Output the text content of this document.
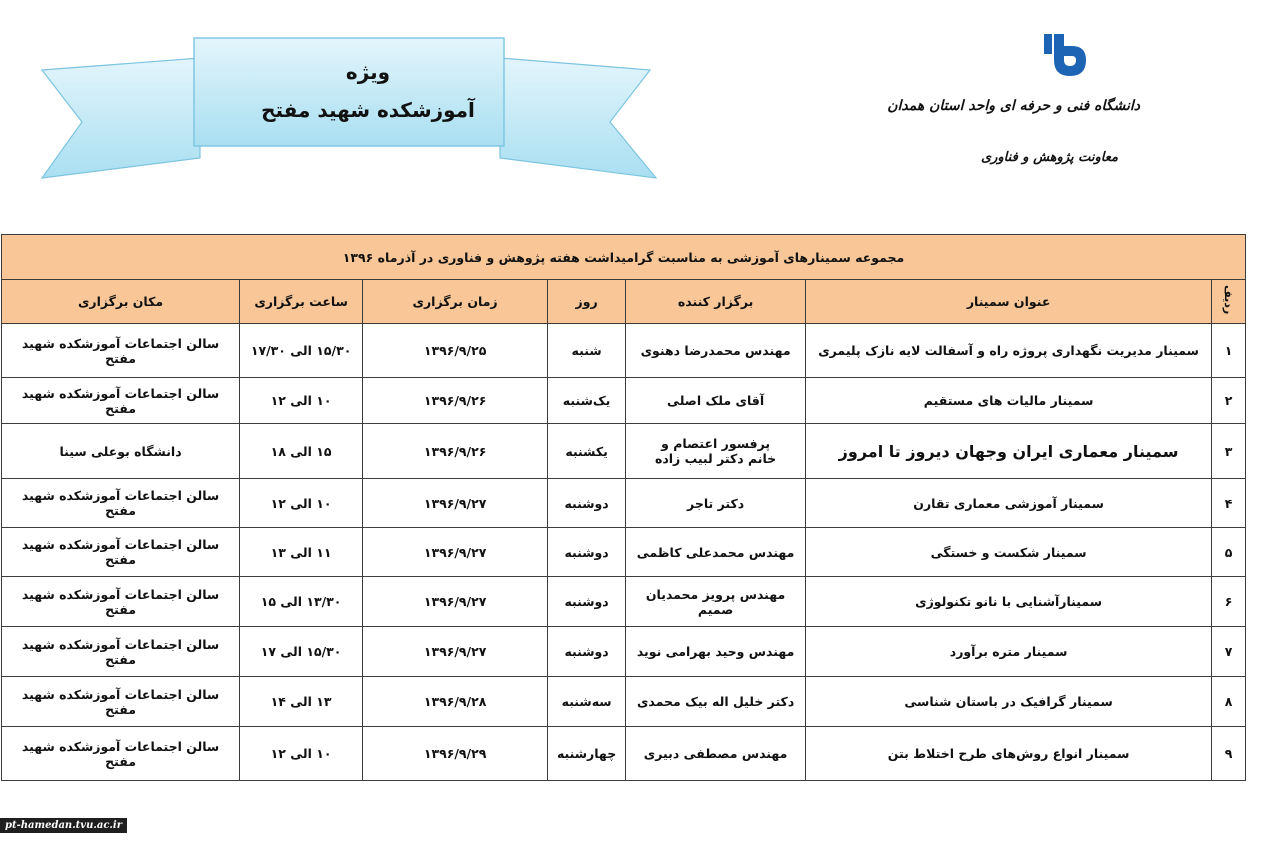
ویژه
آموزشکده شهید مفتح	دانشگاه فنی و حرفه ای واحد استان همدان
معاونت پژوهش و فناوری
مجموعه سمینارهای آموزشی به مناسبت گرامیداشت هفته پژوهش و فناوری در آذرماه ۱۳۹۶						
ردیف	عنوان سمینار	برگزار کننده	روز	زمان برگزاری	ساعت برگزاری	مکان برگزاری
۱	سمینار مدیریت نگهداری پروژه راه و آسفالت لایه نازک پلیمری	مهندس محمدرضا دهنوی	شنبه	۱۳۹۶/۹/۲۵	۱۵/۳۰ الی ۱۷/۳۰	سالن اجتماعات آموزشکده شهید مفتح
۲	سمینار مالیات های مستقیم	آقای ملک اصلی	یک‌شنبه	۱۳۹۶/۹/۲۶	۱۰ الی ۱۲	سالن اجتماعات آموزشکده شهید مفتح
۳	سمینار معماری ایران وجهان دیروز تا امروز	پرفسور اعتصام و
خانم دکتر لبیب زاده	یکشنبه	۱۳۹۶/۹/۲۶	۱۵ الی ۱۸	دانشگاه بوعلی سینا
۴	سمینار آموزشی معماری تقارن	دکتر تاجر	دوشنبه	۱۳۹۶/۹/۲۷	۱۰ الی ۱۲	سالن اجتماعات آموزشکده شهید مفتح
۵	سمینار شکست و خستگی	مهندس محمدعلی کاظمی	دوشنبه	۱۳۹۶/۹/۲۷	۱۱ الی ۱۳	سالن اجتماعات آموزشکده شهید مفتح
۶	سمینارآشنایی با نانو تکنولوژی	مهندس پرویز محمدیان صمیم	دوشنبه	۱۳۹۶/۹/۲۷	۱۳/۳۰ الی ۱۵	سالن اجتماعات آموزشکده شهید مفتح
۷	سمینار متره برآورد	مهندس وحید بهرامی نوید	دوشنبه	۱۳۹۶/۹/۲۷	۱۵/۳۰ الی ۱۷	سالن اجتماعات آموزشکده شهید مفتح
۸	سمینار گرافیک در باستان شناسی	دکتر خلیل اله بیک محمدی	سه‌شنبه	۱۳۹۶/۹/۲۸	۱۳ الی ۱۴	سالن اجتماعات آموزشکده شهید مفتح
۹	سمینار انواع روش‌های طرح اختلاط بتن	مهندس مصطفی دبیری	چهارشنبه	۱۳۹۶/۹/۲۹	۱۰ الی ۱۲	سالن اجتماعات آموزشکده شهید مفتح
pt-hamedan.tvu.ac.ir
